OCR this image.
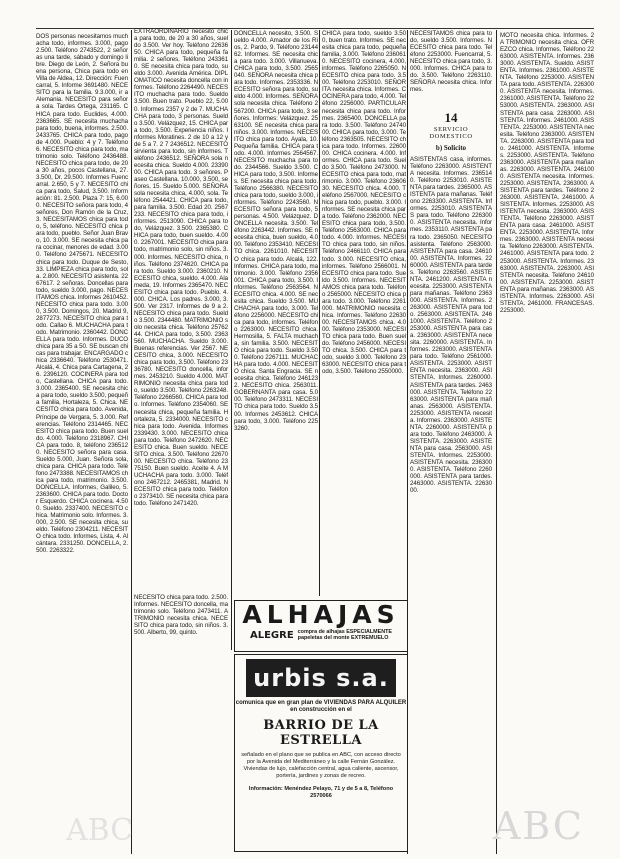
DOS personas necesitamos muchacha todo, informes. 3.000, pago 2.500. Teléfono 2743522, 2 señoras una tarde, sábado y domingo libre. Diego de León, 2. Señora buena persona, Chica para todo en Villa de Aldea, 12. Dirección: Fuencarral, 5. Informe 3691480. NECESITO para la familia. 9.3.000, ir a Alemania. NECESITO para señora sola. Tardes Ortega, 231165. CHICA para todo. Euclides, 4.000. 2363665. SE necesita muchacha para todo, buena, informes. 2.500. 2433765. CHICA para todo, pago de 4.000. Pueblo: 4 y 7. Teléfono 6. NECESITO chica para todo, matrimonio solo. Teléfono 2436488. NECESITO chica para todo, de 20 a 30 años, pocos Castellana, 27. 3.500, Dr. 29.500. Informes Fuencarral. 2.650, 5 y 7. NECESITO chica para todo, Salud, 3.500. Información: 81. 2.500. Plaza 7: 15, 6.000. NECESITO señora para todo, 4 señores, Don Ramón de la Cruz, 3. NECESITAMOS chica para todo, 5, teléfono. NECESITO chica para todo, pueblo. Señor Juan Bravo, 10. 3.000. SE necesita chica para cocinar, menores de edad. 3.000. Teléfono 2475671. NECESITO chica para todo. Duque de Sesto, 33. LIMPIEZA chica para todo, sola. 2.800. NECESITO asistenta. 2267617. 2 señoras. Doncellas para todo, sueldo 3.000, pago. NECESITAMOS chica. Informes 2610452. NECESITO chica para todo. 3.000, 3.500. Domingos, 20. Madrid 9, 2877273. NECESITO chica para todo. Callao 6. MUCHACHA para todo. Matrimonio. 2360442. DONCELLA para todo. Informes. DUCO chica para 35 a 50. SE buscan chicas para trabajar. ENCARGADO chica 2336640. Teléfono 2530471. Alcalá, 4. Chica para Cartagena, 26. 2396120. COCINERA para todo, Castellana. CHICA para todo. 3.000. 2365400. SE necesita chica para todo, sueldo 3.500, pequeña familia, Hortaleza, 5. Chica. NECESITO chica para todo. Avenida, Príncipe de Vergara, 5. 3.000. Referencias. Teléfono 2314465. NECESITO chica para todo. Buen sueldo. 4.000. Teléfono 2318967. CHICA para todo. 8, teléfono 2365120. NECESITO señora para casa. Sueldo 5.000, Juan. Señora sola, chica para. CHICA para todo. Teléfono 2473388. NECESITAMOS chica para todo, matrimonio. 3.500. DONCELLA. Informes, Galileo, 5. 2363600. CHICA para todo. Doctor Esquerdo. CHICA cocinera. 4.500. Sueldo. 2337400. NECESITO chica. Matrimonio solo. Informes. 3.000, 2.500. SE necesita chica, sueldo. Teléfono 2304211. NECESITO chica todo. Informes, Lista, 4. Alcántara. 2331250. DONCELLA, 2.500. 2263322.

EXTRAORDINARIO necesito chica para todo, de 20 a 30 años, sueldo 3.500. Ver hoy. Teléfono 2263650. CHICA para todo, pequeña familia. 2 señores. Teléfono 2433610. SE necesita chica para todo, sueldo 3.000. Avenida América. DIPLOMATICO necesita doncella con informes. Teléfono 2264490. NECESITO muchacha para todo. Sueldo 3.500. Buen trato. Pueblo 22, 5.000. Informes 2357 y 2 de 7. MUCHACHA para todo, 3 personas. Sueldo 3.500. Velázquez, 15. CHICA para todo, 3.500. Experiencia niños. Informes Moratines. 2 de 10 a 12 y de 5 a 7. 2 7 2436512. NECESITO sirvienta para todo, sin informes. Teléfono 2436512. SEÑORA sola necesita chica. Sueldo 4.000. 2339000. CHICA para todo. 3 señores. Paseo Castellana. 10.000, 3.500, señores, 15. Sueldo 5.000. SEÑORA sola necesita chica, 4.000, sola. Teléfono 2544421. CHICA para todo, para familia. 3.500. Edad 20. 2567233. NECESITO chica para todo, informes. 2513090. CHICA para todo, Velázquez. 3.500. 2365380. CHICA para todo, buen sueldo. 4.000. 2267001. NECESITO chica para todo, matrimonio solo, sin niños. 3.000. Informes. NECESITO chica, niños. Teléfono 2374620. CHICA para todo. Sueldo 3.000. 2360210. NECESITO chica, sueldo. 4.000. Alameda, 19. Informes 2365470. NECESITO chica para todo. Pueblo. 4.000. CHICA. Los padres. 3.000, 3.500. Ver 2317. Informes de 9 a 2. NECESITO chica para todo. Sueldo 3.500. 2344480. MATRIMONIO solo necesita chica. Teléfono 2576244. CHICA para todo, 3.500. 2363560. MUCHACHA. Sueldo 3.000. Buenas referencias. Ver 2567. NECESITO chica, 3.000. NECESITO chica para todo, 3.500. Teléfono 2336780. NECESITO doncella, informes. 2453210. Sueldo 4.000. MATRIMONIO necesita chica para todo, sueldo 3.500. Teléfono 2263248. Teléfono 2266560. CHICA para todo. Informes. Teléfono 2354060. SE necesita chica, pequeña familia. Hortaleza, 5. 2334000. NECESITO chica para todo. Avenida. Informes 2339430. 3.000. NECESITO chica para todo. Teléfono 2472620. NECESITO chica. Buen sueldo. NECESITO chica. 3.500. Teléfono 2267000. NECESITO chica. Teléfono 2375150. Buen sueldo. Aceite 4. A MUCHACHA para todo. 3.000. Teléfono 2467212. 2465381, Madrid. NECESITO chica para todo. Teléfono 2373410. SE necesita chica para todo. Teléfono 2471420.

NECESITO chica para todo. 2.500. Informes. NECESITO doncella, matrimonio solo. Teléfono 2473411. A TRIMONIO necesita chica. NECESITO chica para todo, sin niños. 3.500. Alberto, 99, quinto.

DONCELLA necesito, 3.500. Sueldo 4.000. Amador de los Ríos, 2. Pardo, 9. Teléfono 2314462. Informes. SE necesita chica para todo. 3.000. Villanueva. CHICA para todo, 3.500. 2565040. SEÑORA necesita chica para todo. Informes. 2353336. NECESITO señora para todo, sueldo 4.000. Informes. SEÑORA sola necesita chica. Teléfono 2567200. CHICA para todo, 3 señores. Informes: Velázquez. 2563100. SE necesita chica para niños. 3.000. Informes. NECESITO chica para todo. Ayala, 10. Pequeña familia. CHICA para todo. 4.000. Informes 2564567. NECESITO muchacha para todo. 2344566. Sueldo 3.500. CHICA para todo, 3.500. Informes. SE necesita chica para todo. Teléfono 2566380. NECESITO chica para todo, sueldo 3.000, informes. Teléfono 2243560. NECESITO señora para todo, 5 personas. 4.500. Velázquez. DONCELLA necesita. 3.500. Teléfono 2263442. Informes. SE necesita chica, buen sueldo, 4.000. Teléfono 2353410. NECESITO chica. 2261010. NECESITO chica para todo. Alcalá, 122. Informes. CHICA para todo, matrimonio. 3.000. Teléfono 2356001. CHICA para todo, 3.500. Informes. Teléfono 2563564. NECESITO chica. 4.000. SE necesita chica. Sueldo 3.500. MUCHACHA para todo, 3.000. Teléfono 2256000. NECESITO chica para todo, informes. Teléfono 2263000. NECESITO chica. Hermosilla, 5. FALTA muchacha, sin familia. 3.500. NECESITO chica para todo. Sueldo 3.500. Teléfono 2267111. MUCHACHA para todo. 4.000. NECESITO chica. Santa Engracia. SE necesita chica. Teléfono 2461232. NECESITO chica. 2563011. GOBERNANTA para casa. 5.000. Teléfono 2473311. NECESITO chica para todo. Sueldo 3.500. Informes 2453612. CHICA para todo, 3.000. Teléfono 2253260.

CHICA para todo, sueldo 3.500, buen trato. Informes. SE necesita chica para todo, pequeña familia, 3.000. Teléfono 2360610. NECESITO cocinera, 4.000, informes. Teléfono 2265050. NECESITO chica para todo. 3.500. Teléfono 2253010. SEÑORITA necesita chica. Informes. COCINERA para todo, 4.000. Teléfono 2256000. PARTICULAR necesita chica para todo. Informes. 2365400. DONCELLA para todo. 3.500. Teléfono 2474000. CHICA para todo, 3.000. Teléfono 2363505. NECESITO chica para todo. Informes. 2260000. CHICA cocinera. 4.000. Informes. CHICA para todo. Sueldo 3.500. Teléfono 2473000. NECESITO chica para todo, matrimonio. 3.000. Teléfono 2360630. NECESITO chica. 4.000. Teléfono 2567000. NECESITO chica para todo, pueblo. 3.000. Informes. SE necesita chica para todo. Teléfono 2362000. NECESITO chica para todo, 3.500. Teléfono 2563000. CHICA para todo. 4.000. Informes. NECESITO chica para todo, sin niños. Teléfono 2466110. CHICA para todo. 3.000. NECESITO chica, informes. Teléfono 2566001. NECESITO chica para todo. Sueldo 3.500. Informes. NECESITAMOS chica para todo. Teléfono 2565000. NECESITO chica para todo. 3.000. Teléfono 2261000. MATRIMONIO necesita chica. Informes. Teléfono 2263000. NECESITAMOS chica. 4.000. Teléfono 2353000. NECESITO chica para todo. Buen sueldo. Teléfono 2456000. NECESITO chica. 3.500. CHICA para todo, sueldo 3.000. Teléfono 2363000. NECESITO chica para todo, 3.500. Teléfono 2550000.

NECESITAMOS chica para todo, sueldo 3.500. Informes. NECESITO chica para todo. Teléfono 2253000. Fuencarral, 5. NECESITO chica para todo, 3.000. Informes. CHICA para todo. 3.500. Teléfono 2263110. SEÑORA necesita chica. Informes.

14
SERVICIO
DOMESTICO
b) Solicito

ASISTENTAS casa, informes. Teléfono 2263000. ASISTENTA necesita. Informes. 2365140. Teléfono 2253010. ASISTENTA para tardes. 2365000. ASISTENTA para mañanas. Teléfono 2263300. ASISTENTA. Informes. 2253010. ASISTENTAS para todo. Teléfono 2263000. ASISTENTA necesita. Informes. 2353110. ASISTENTA para todo. 2365050. NECESITO asistenta. Teléfono 2563000. ASISTENTA para casa. 2461000. ASISTENTA. Informes. 2260000. ASISTENTA para tardes. Teléfono 2263560. ASISTENTA. 2461200. ASISTENTA necesita. 2253000. ASISTENTA para mañanas. Teléfono 2363000. ASISTENTA. Informes. 2263000. ASISTENTA para todo. 2563000. ASISTENTA. 2461000. ASISTENTA. Teléfono 2253000. ASISTENTA para casa. 2363000. ASISTENTA necesita. 2260000. ASISTENTA. Informes. 2263000. ASISTENTA para todo. Teléfono 2561000. ASISTENTA. 2253000. ASISTENTA necesita. 2363000. ASISTENTA. Informes. 2260000. ASISTENTA para tardes. 2463000. ASISTENTA. Teléfono 2263000. ASISTENTA para mañanas. 2563000. ASISTENTA. 2253000. ASISTENTA necesita. Informes. 2363000. ASISTENTA. 2260000. ASISTENTA para todo. Teléfono 2463000. ASISTENTA. 2263000. ASISTENTA para casa. 2563000. ASISTENTA. Informes. 2253000. ASISTENTA necesita. 2363000. ASISTENTA. Teléfono 2260000. ASISTENTA para tardes. 2463000. ASISTENTA. 2263000.

MOTO necesita chica. Informes. 2A TRIMONIO necesita chica. OFREZCO chica. Informes. Teléfono 2263000. ASISTENTA. Informes. 2363000. ASISTENTA. Sueldo. ASISTENTA. Informes. 2361000. ASISTENTA. Teléfono 2253000. ASISTENTA para todo. ASISTENTA. 2263000. ASISTENTA necesita. Informes. 2361000. ASISTENTA. Teléfono 2253000. ASISTENTA. 2363000. ASISTENTA para casa. 2263000. ASISTENTA. Informes. 2461000. ASISTENTA. 2253000. ASISTENTA necesita. Teléfono 2363000. ASISTENTA. 2263000. ASISTENTA para todo. 2461000. ASISTENTA. Informes. 2253000. ASISTENTA. Teléfono 2363000. ASISTENTA para mañanas. 2263000. ASISTENTA. 2461000. ASISTENTA necesita. Informes. 2253000. ASISTENTA. 2363000. ASISTENTA para tardes. Teléfono 2263000. ASISTENTA. 2461000. ASISTENTA. Informes. 2253000. ASISTENTA necesita. 2363000. ASISTENTA. Teléfono 2263000. ASISTENTA para casa. 2461000. ASISTENTA. 2253000. ASISTENTA. Informes. 2363000. ASISTENTA necesita. Teléfono 2263000. ASISTENTA. 2461000. ASISTENTA para todo. 2253000. ASISTENTA. Informes. 2363000. ASISTENTA. 2263000. ASISTENTA necesita. Teléfono 2461000. ASISTENTA. 2253000. ASISTENTA para mañanas. 2363000. ASISTENTA. Informes. 2263000. ASISTENTA. 2461000. FRANCESAS. 2253000.

ALHAJAS
ALEGRE compra de alhajas ESPECIALMENTE
papeletas del monte EXTREMUELO
urbis s.a.
comunica que en gran plan de VIVIENDAS PARA ALQUILER
en construcción en el
BARRIO DE LA ESTRELLA
señalado en el plano que se publica en ABC, con acceso directo por la Avenida del Mediterráneo y la calle Fernán González. Viviendas de lujo, calefacción central, agua caliente, ascensor, portería, jardines y zonas de recreo.
Información: Menéndez Pelayo, 71 y de 5 a 8, Teléfono 2570066
ABC	ABC
